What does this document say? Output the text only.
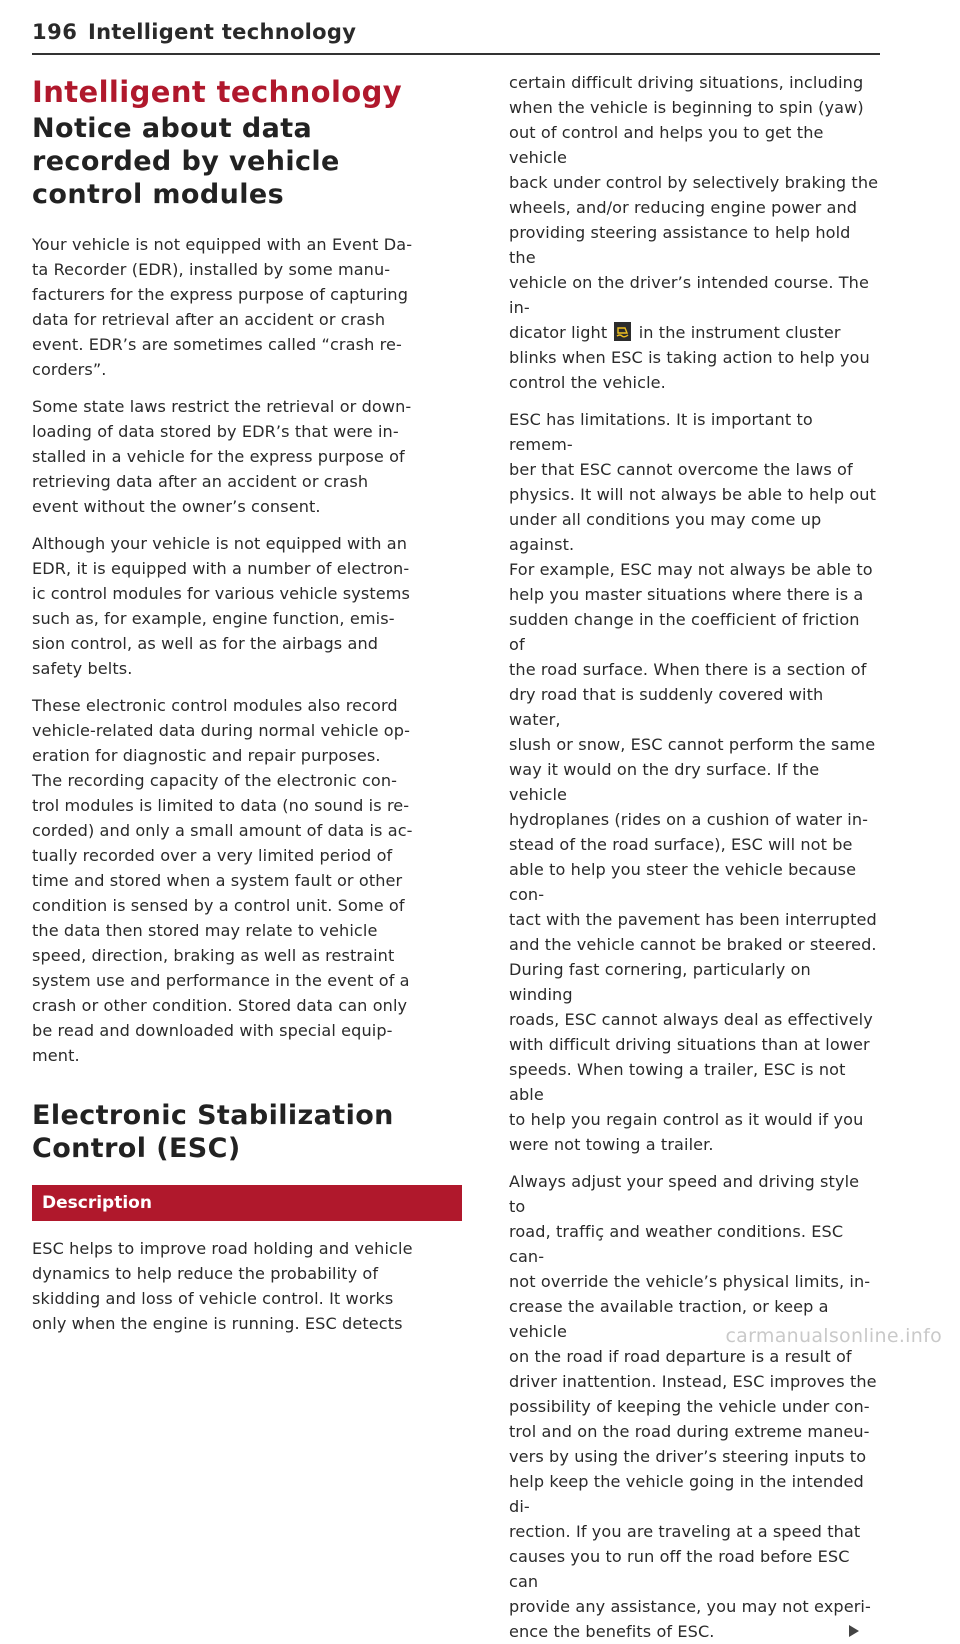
196 Intelligent technology
Intelligent technology
Notice about data
recorded by vehicle
control modules

Your vehicle is not equipped with an Event Da-
ta Recorder (EDR), installed by some manu-
facturers for the express purpose of capturing
data for retrieval after an accident or crash
event. EDR’s are sometimes called “crash re-
corders”.

Some state laws restrict the retrieval or down-
loading of data stored by EDR’s that were in-
stalled in a vehicle for the express purpose of
retrieving data after an accident or crash
event without the owner’s consent.

Although your vehicle is not equipped with an
EDR, it is equipped with a number of electron-
ic control modules for various vehicle systems
such as, for example, engine function, emis-
sion control, as well as for the airbags and
safety belts.

These electronic control modules also record
vehicle-related data during normal vehicle op-
eration for diagnostic and repair purposes.
The recording capacity of the electronic con-
trol modules is limited to data (no sound is re-
corded) and only a small amount of data is ac-
tually recorded over a very limited period of
time and stored when a system fault or other
condition is sensed by a control unit. Some of
the data then stored may relate to vehicle
speed, direction, braking as well as restraint
system use and performance in the event of a
crash or other condition. Stored data can only
be read and downloaded with special equip-
ment.

Electronic Stabilization
Control (ESC)
Description

ESC helps to improve road holding and vehicle
dynamics to help reduce the probability of
skidding and loss of vehicle control. It works
only when the engine is running. ESC detects

certain difficult driving situations, including
when the vehicle is beginning to spin (yaw)
out of control and helps you to get the vehicle
back under control by selectively braking the
wheels, and/or reducing engine power and
providing steering assistance to help hold the
vehicle on the driver’s intended course. The in-
dicator light
in the instrument cluster
blinks when ESC is taking action to help you
control the vehicle.

ESC has limitations. It is important to remem-
ber that ESC cannot overcome the laws of
physics. It will not always be able to help out
under all conditions you may come up against.
For example, ESC may not always be able to
help you master situations where there is a
sudden change in the coefficient of friction of
the road surface. When there is a section of
dry road that is suddenly covered with water,
slush or snow, ESC cannot perform the same
way it would on the dry surface. If the vehicle
hydroplanes (rides on a cushion of water in-
stead of the road surface), ESC will not be
able to help you steer the vehicle because con-
tact with the pavement has been interrupted
and the vehicle cannot be braked or steered.
During fast cornering, particularly on winding
roads, ESC cannot always deal as effectively
with difficult driving situations than at lower
speeds. When towing a trailer, ESC is not able
to help you regain control as it would if you
were not towing a trailer.

Always adjust your speed and driving style to
road, traffiç and weather conditions. ESC can-
not override the vehicle’s physical limits, in-
crease the available traction, or keep a vehicle
on the road if road departure is a result of
driver inattention. Instead, ESC improves the
possibility of keeping the vehicle under con-
trol and on the road during extreme maneu-
vers by using the driver’s steering inputs to
help keep the vehicle going in the intended di-
rection. If you are traveling at a speed that
causes you to run off the road before ESC can
provide any assistance, you may not experi-
ence the benefits of ESC.

carmanualsonline.info
